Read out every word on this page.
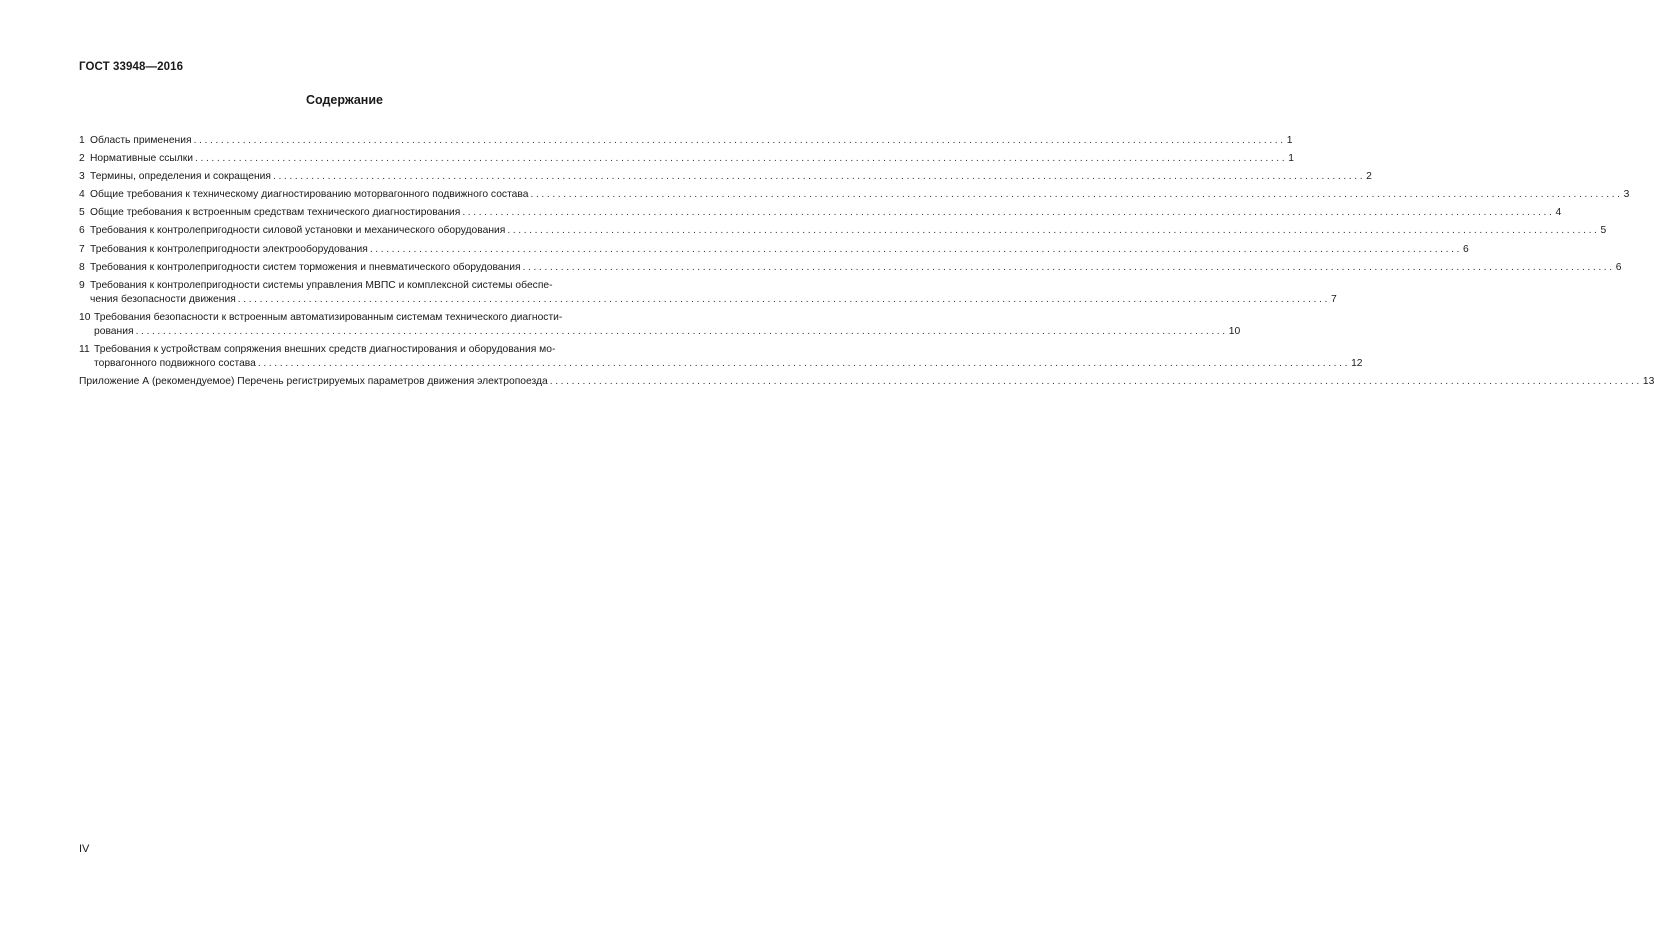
ГОСТ 33948—2016
Содержание
1 Область применения ........................................................................................................................................................................................................ 1
2 Нормативные ссылки ........................................................................................................................................................................................................ 1
3 Термины, определения и сокращения ........................................................................................................................................................................................................ 2
4 Общие требования к техническому диагностированию моторвагонного подвижного состава ........................................................................................................................................................................................................ 3
5 Общие требования к встроенным средствам технического диагностирования ........................................................................................................................................................................................................ 4
6 Требования к контролепригодности силовой установки и механического оборудования ........................................................................................................................................................................................................ 5
7 Требования к контролепригодности электрооборудования ........................................................................................................................................................................................................ 6
8 Требования к контролепригодности систем торможения и пневматического оборудования ........................................................................................................................................................................................................ 6
9 Требования к контролепригодности системы управления МВПС и комплексной системы обеспе-
чения безопасности движения ........................................................................................................................................................................................................ 7
10 Требования безопасности к встроенным автоматизированным системам технического диагности-
рования ........................................................................................................................................................................................................ 10
11 Требования к устройствам сопряжения внешних средств диагностирования и оборудования мо-
торвагонного подвижного состава ........................................................................................................................................................................................................ 12
Приложение А (рекомендуемое) Перечень регистрируемых параметров движения электропоезда ........................................................................................................................................................................................................ 13
IV
